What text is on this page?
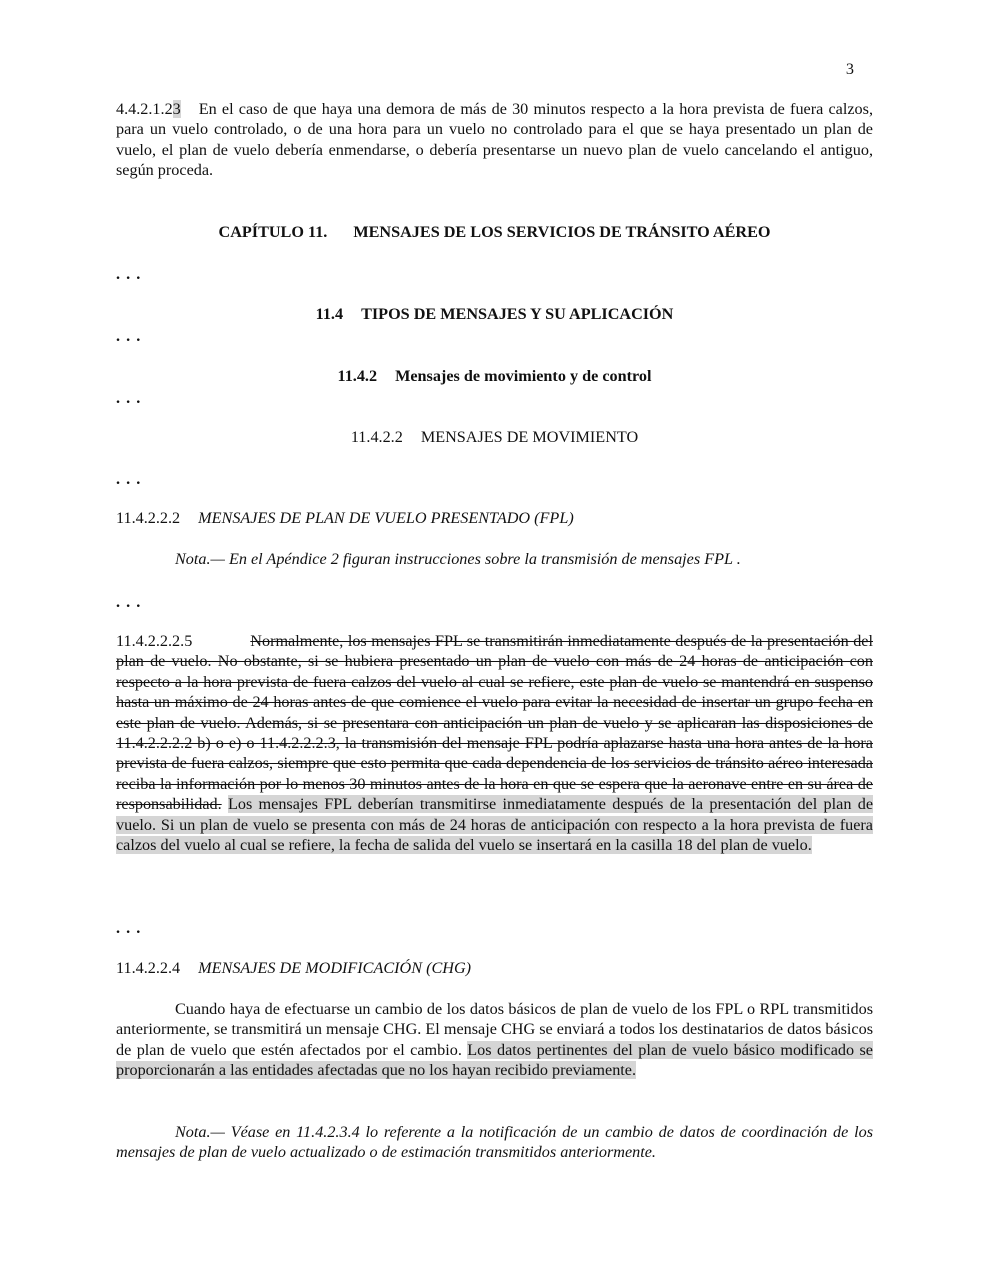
3
4.4.2.1.23 En el caso de que haya una demora de más de 30 minutos respecto a la hora prevista de fuera calzos, para un vuelo controlado, o de una hora para un vuelo no controlado para el que se haya presentado un plan de vuelo, el plan de vuelo debería enmendarse, o debería presentarse un nuevo plan de vuelo cancelando el antiguo, según proceda.
CAPÍTULO 11. MENSAJES DE LOS SERVICIOS DE TRÁNSITO AÉREO
. . .
11.4 TIPOS DE MENSAJES Y SU APLICACIÓN
. . .
11.4.2 Mensajes de movimiento y de control
. . .
11.4.2.2 MENSAJES DE MOVIMIENTO
. . .
11.4.2.2.2 MENSAJES DE PLAN DE VUELO PRESENTADO (FPL)
Nota.— En el Apéndice 2 figuran instrucciones sobre la transmisión de mensajes FPL .
. . .
11.4.2.2.2.5	Normalmente, los mensajes FPL se transmitirán inmediatamente después de la presentación del plan de vuelo. No obstante, si se hubiera presentado un plan de vuelo con más de 24 horas de anticipación con respecto a la hora prevista de fuera calzos del vuelo al cual se refiere, este plan de vuelo se mantendrá en suspenso hasta un máximo de 24 horas antes de que comience el vuelo para evitar la necesidad de insertar un grupo fecha en este plan de vuelo. Además, si se presentara con anticipación un plan de vuelo y se aplicaran las disposiciones de 11.4.2.2.2.2 b) o e) o 11.4.2.2.2.3, la transmisión del mensaje FPL podría aplazarse hasta una hora antes de la hora prevista de fuera calzos, siempre que esto permita que cada dependencia de los servicios de tránsito aéreo interesada reciba la información por lo menos 30 minutos antes de la hora en que se espera que la aeronave entre en su área de responsabilidad. Los mensajes FPL deberían transmitirse inmediatamente después de la presentación del plan de vuelo. Si un plan de vuelo se presenta con más de 24 horas de anticipación con respecto a la hora prevista de fuera calzos del vuelo al cual se refiere, la fecha de salida del vuelo se insertará en la casilla 18 del plan de vuelo.
. . .
11.4.2.2.4 MENSAJES DE MODIFICACIÓN (CHG)
Cuando haya de efectuarse un cambio de los datos básicos de plan de vuelo de los FPL o RPL transmitidos anteriormente, se transmitirá un mensaje CHG. El mensaje CHG se enviará a todos los destinatarios de datos básicos de plan de vuelo que estén afectados por el cambio. Los datos pertinentes del plan de vuelo básico modificado se proporcionarán a las entidades afectadas que no los hayan recibido previamente.
Nota.— Véase en 11.4.2.3.4 lo referente a la notificación de un cambio de datos de coordinación de los mensajes de plan de vuelo actualizado o de estimación transmitidos anteriormente.
